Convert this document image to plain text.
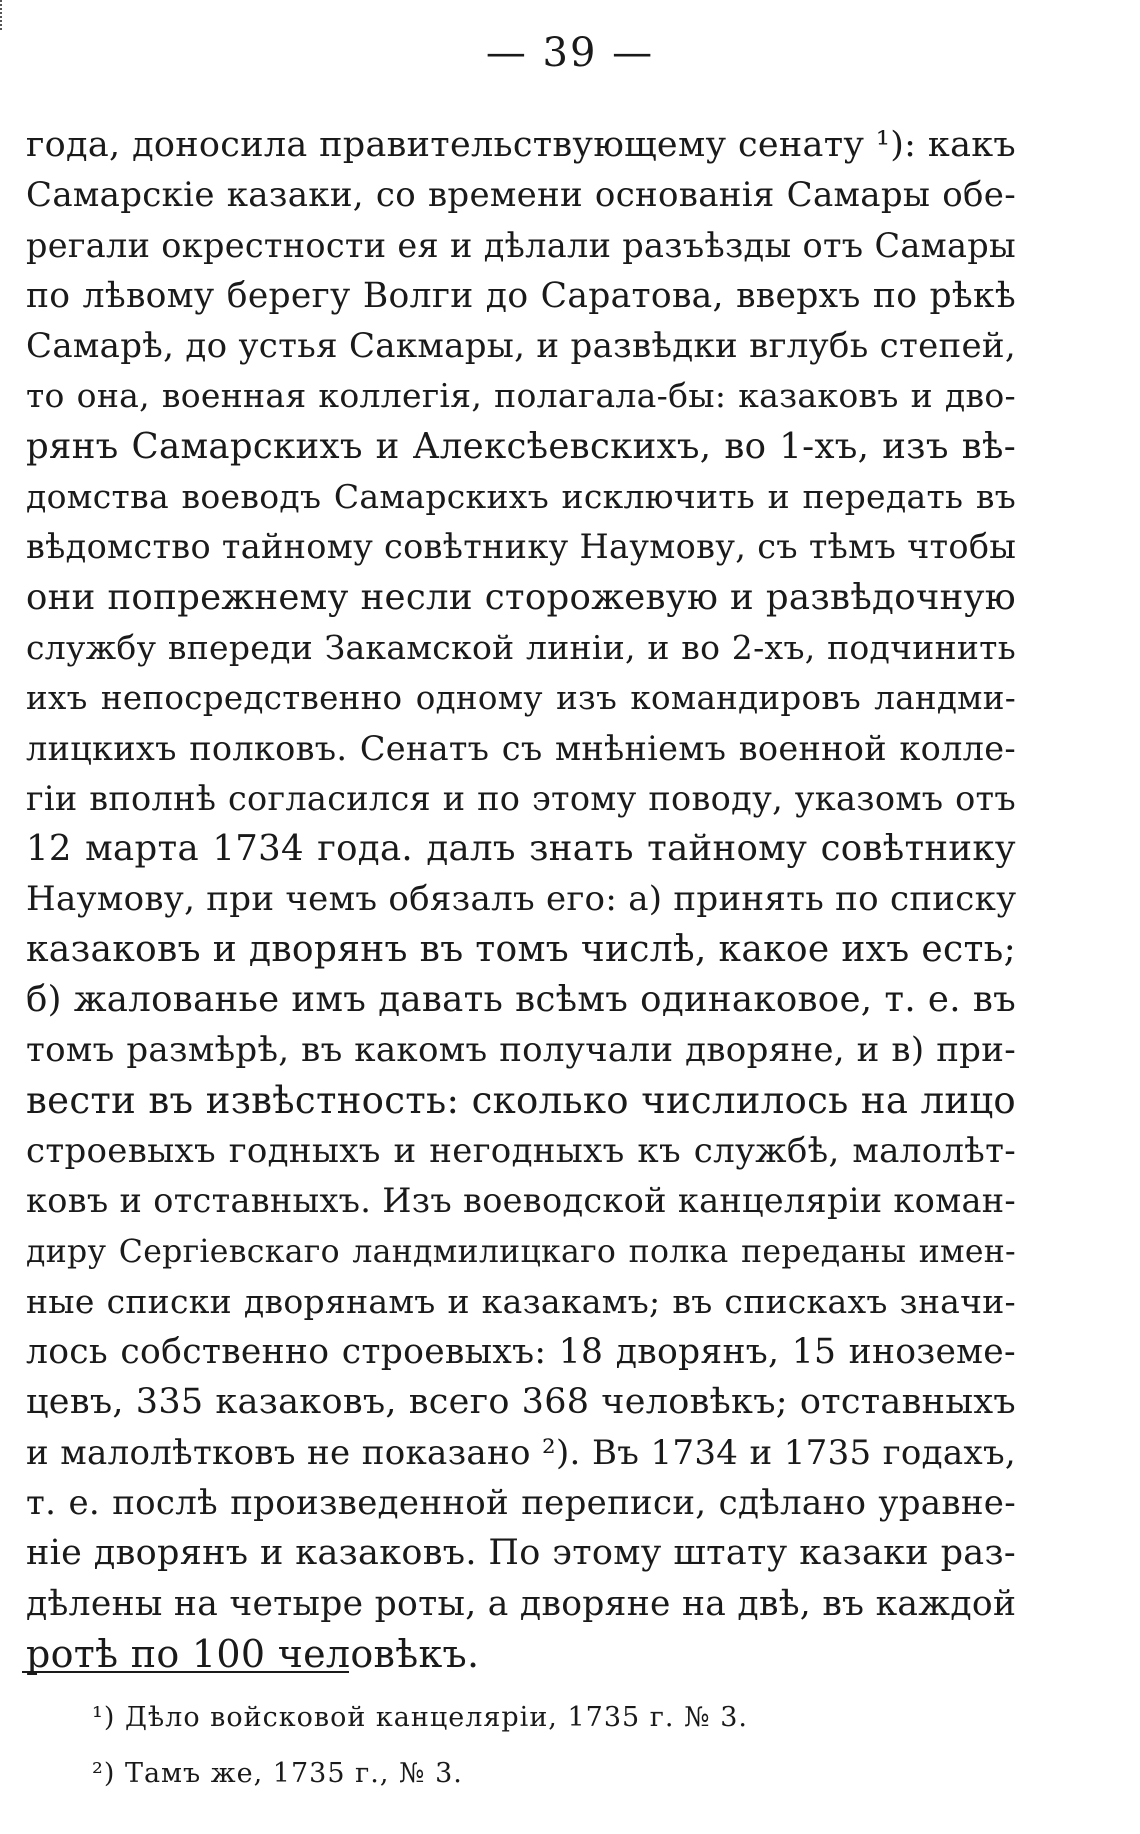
— 39 —
года, доносила правительствующему сенату ¹): какъ
Самарскіе казаки, со времени основанія Самары обе-
регали окрестности ея и дѣлали разъѣзды отъ Самары
по лѣвому берегу Волги до Саратова, вверхъ по рѣкѣ
Самарѣ, до устья Сакмары, и развѣдки вглубь степей,
то она, военная коллегія, полагала-бы: казаковъ и дво-
рянъ Самарскихъ и Алексѣевскихъ, во 1-хъ, изъ вѣ-
домства воеводъ Самарскихъ исключить и передать въ
вѣдомство тайному совѣтнику Наумову, съ тѣмъ чтобы
они попрежнему несли сторожевую и развѣдочную
службу впереди Закамской линіи, и во 2-хъ, подчинить
ихъ непосредственно одному изъ командировъ ландми-
лицкихъ полковъ. Сенатъ съ мнѣніемъ военной колле-
гіи вполнѣ согласился и по этому поводу, указомъ отъ
12 марта 1734 года. далъ знать тайному совѣтнику
Наумову, при чемъ обязалъ его: а) принять по списку
казаковъ и дворянъ въ томъ числѣ, какое ихъ есть;
б) жалованье имъ давать всѣмъ одинаковое, т. е. въ
томъ размѣрѣ, въ какомъ получали дворяне, и в) при-
вести въ извѣстность: сколько числилось на лицо
строевыхъ годныхъ и негодныхъ къ службѣ, малолѣт-
ковъ и отставныхъ. Изъ воеводской канцеляріи коман-
диру Сергіевскаго ландмилицкаго полка переданы имен-
ные списки дворянамъ и казакамъ; въ спискахъ значи-
лось собственно строевыхъ: 18 дворянъ, 15 иноземе-
цевъ, 335 казаковъ, всего 368 человѣкъ; отставныхъ
и малолѣтковъ не показано ²). Въ 1734 и 1735 годахъ,
т. е. послѣ произведенной переписи, сдѣлано уравне-
ніе дворянъ и казаковъ. По этому штату казаки раз-
дѣлены на четыре роты, а дворяне на двѣ, въ каждой
ротѣ по 100 человѣкъ.
¹) Дѣло войсковой канцеляріи, 1735 г. № 3.
²) Тамъ же, 1735 г., № 3.
